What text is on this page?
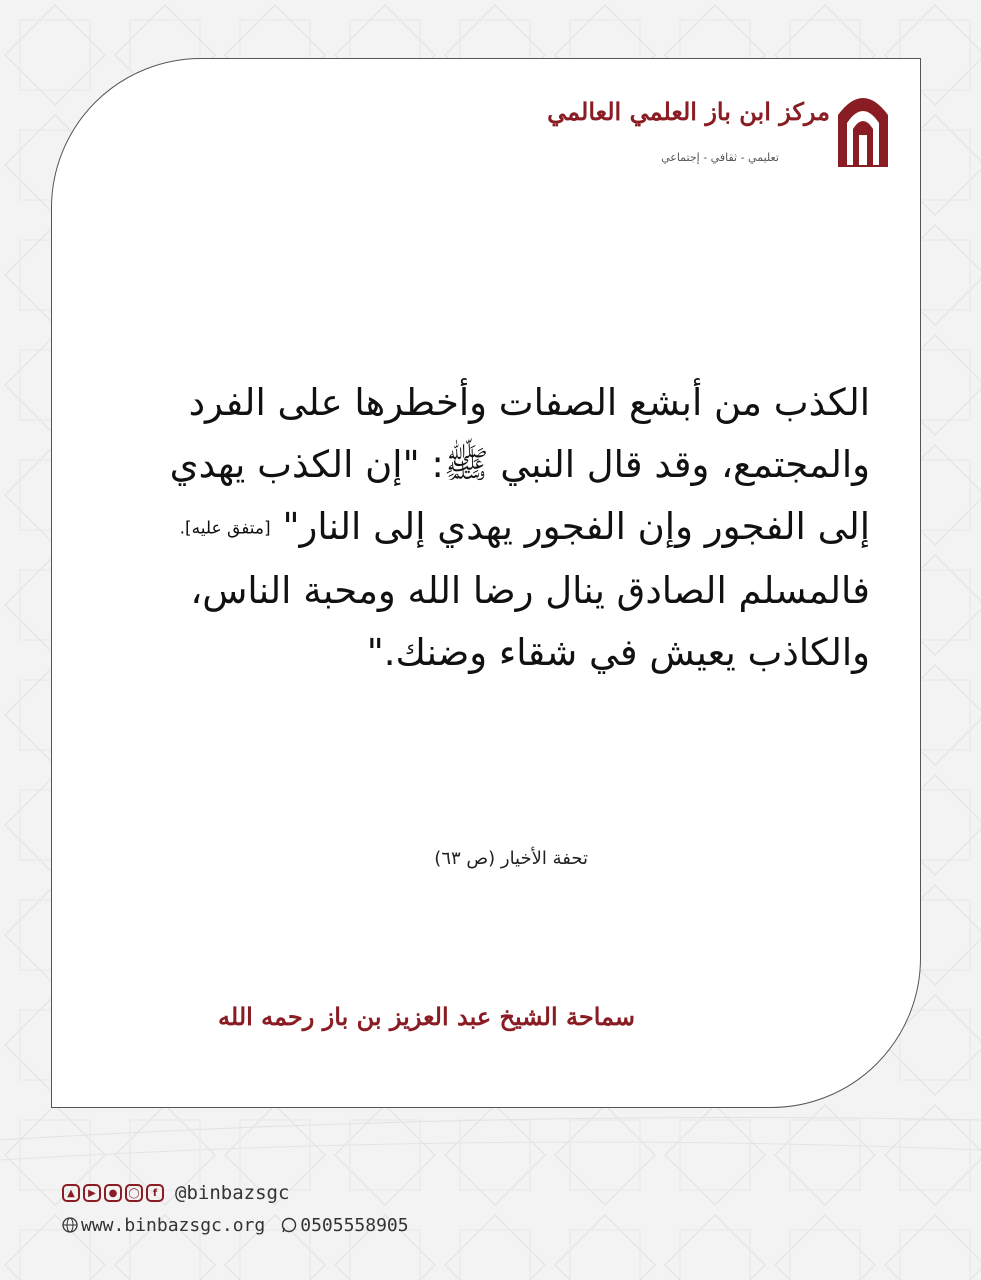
مركز ابن باز العلمي العالمي
تعليمي - ثقافي - إجتماعي
الكذب من أبشع الصفات وأخطرها على الفرد
والمجتمع، وقد قال النبي ﷺ: "إن الكذب يهدي
إلى الفجور وإن الفجور يهدي إلى النار" [متفق عليه].
فالمسلم الصادق ينال رضا الله ومحبة الناس،
والكاذب يعيش في شقاء وضنك."
تحفة الأخيار (ص ٦٣)
سماحة الشيخ عبد العزيز بن باز رحمه الله
▲	▶	●	◯	f @binbazsgc
www.binbazsgc.org 0505558905
